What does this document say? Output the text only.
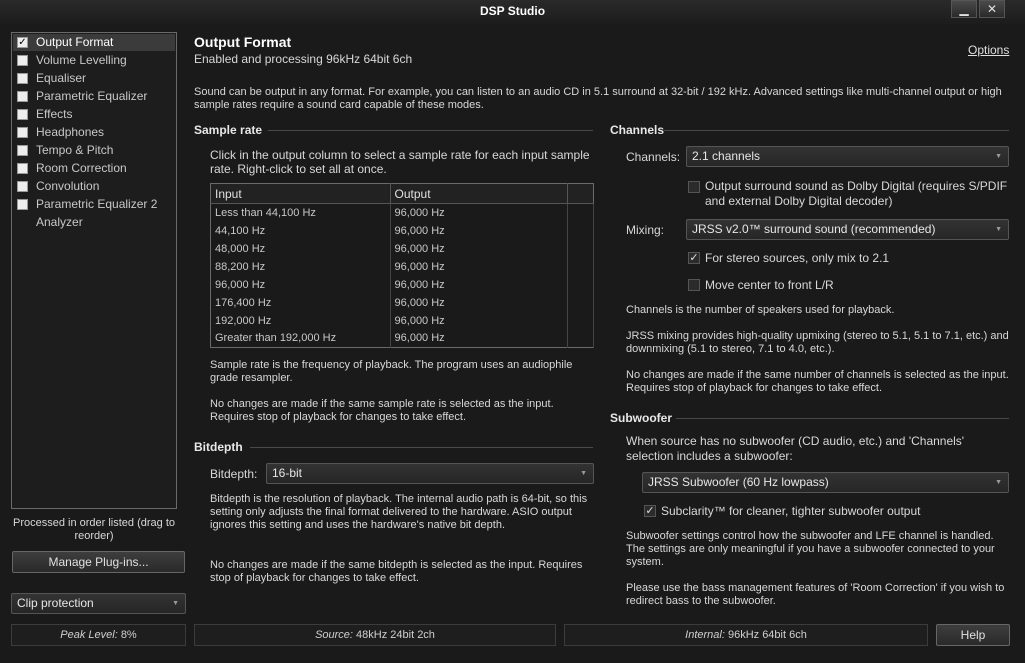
DSP Studio	▁	✕
✓ Output Format
Volume Levelling
Equaliser
Parametric Equalizer
Effects
Headphones
Tempo & Pitch
Room Correction
Convolution
Parametric Equalizer 2
Analyzer
Processed in order listed (drag to reorder)
Manage Plug-ins...
Clip protection	▼
Output Format
Enabled and processing 96kHz 64bit 6ch
Options
Sound can be output in any format. For example, you can listen to an audio CD in 5.1 surround at 32-bit / 192 kHz. Advanced settings like multi-channel output or high sample rates require a sound card capable of these modes.
Sample rate
Click in the output column to select a sample rate for each input sample rate. Right-click to set all at once.
Input	Output	
Less than 44,100 Hz	96,000 Hz	
44,100 Hz	96,000 Hz	
48,000 Hz	96,000 Hz	
88,200 Hz	96,000 Hz	
96,000 Hz	96,000 Hz	
176,400 Hz	96,000 Hz	
192,000 Hz	96,000 Hz	
Greater than 192,000 Hz	96,000 Hz	
Sample rate is the frequency of playback. The program uses an audiophile grade resampler.
No changes are made if the same sample rate is selected as the input. Requires stop of playback for changes to take effect.
Bitdepth
Bitdepth:	16-bit	▼
Bitdepth is the resolution of playback. The internal audio path is 64-bit, so this setting only adjusts the final format delivered to the hardware. ASIO output ignores this setting and uses the hardware's native bit depth.
No changes are made if the same bitdepth is selected as the input. Requires stop of playback for changes to take effect.
Channels
Channels: 2.1 channels	▼
Output surround sound as Dolby Digital (requires S/PDIF and external Dolby Digital decoder)
Mixing:	JRSS v2.0™ surround sound (recommended)	▼
✓ For stereo sources, only mix to 2.1
Move center to front L/R
Channels is the number of speakers used for playback.
JRSS mixing provides high-quality upmixing (stereo to 5.1, 5.1 to 7.1, etc.) and downmixing (5.1 to stereo, 7.1 to 4.0, etc.).
No changes are made if the same number of channels is selected as the input. Requires stop of playback for changes to take effect.
Subwoofer
When source has no subwoofer (CD audio, etc.) and 'Channels' selection includes a subwoofer:
JRSS Subwoofer (60 Hz lowpass)	▼
✓ Subclarity™ for cleaner, tighter subwoofer output
Subwoofer settings control how the subwoofer and LFE channel is handled. The settings are only meaningful if you have a subwoofer connected to your system.
Please use the bass management features of 'Room Correction' if you wish to redirect bass to the subwoofer.
Peak Level: 8%	Source: 48kHz 24bit 2ch	Internal: 96kHz 64bit 6ch	Help
